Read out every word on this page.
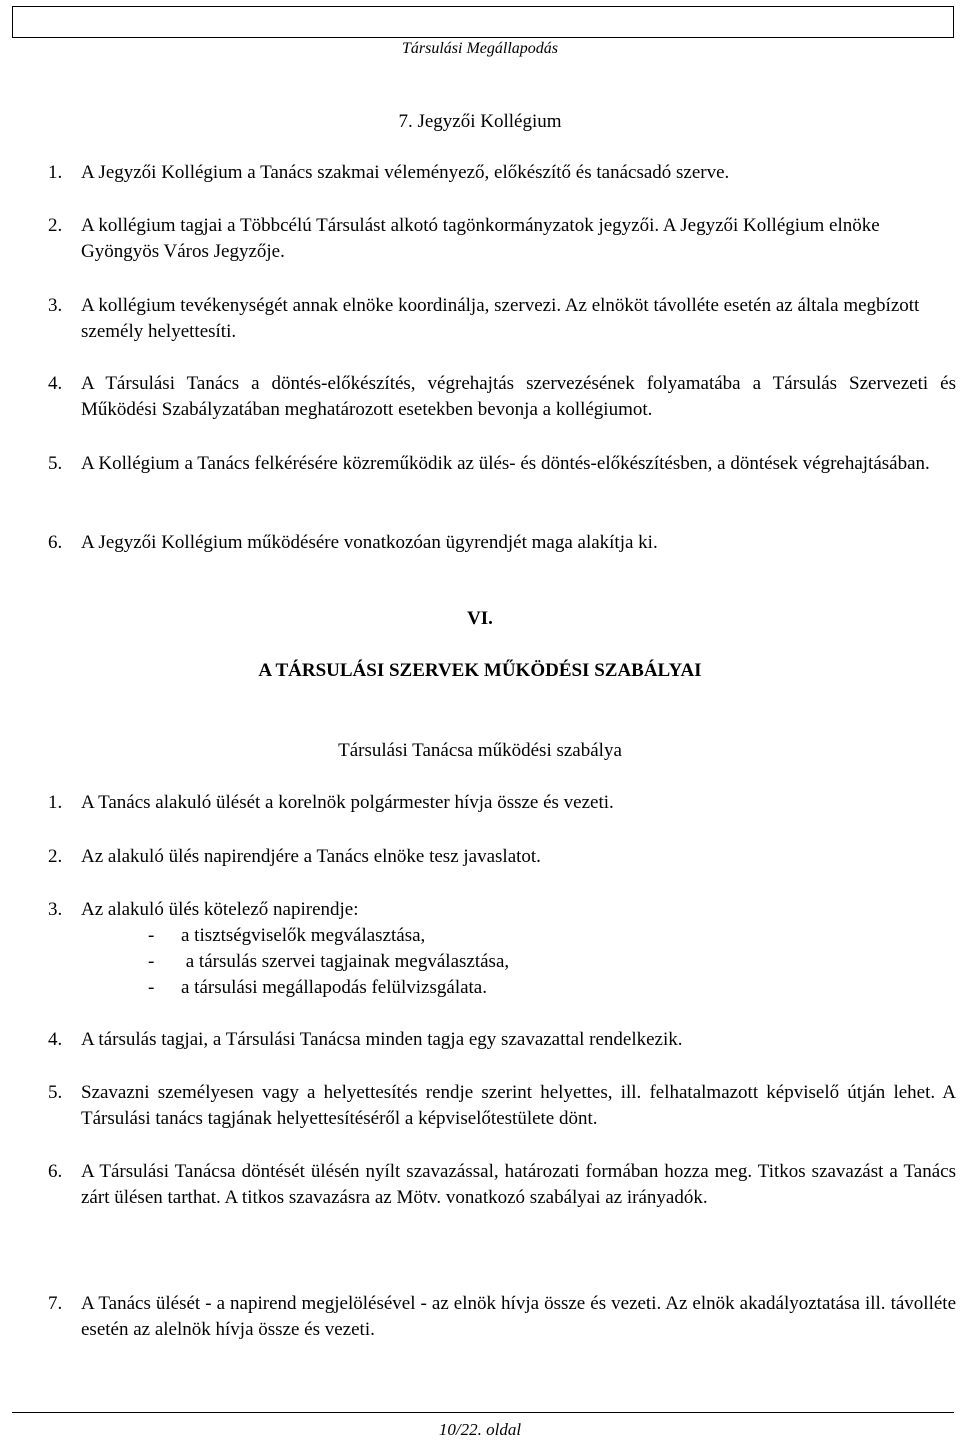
Társulási Megállapodás
7. Jegyzői Kollégium
1. A Jegyzői Kollégium a Tanács szakmai véleményező, előkészítő és tanácsadó szerve.
2. A kollégium tagjai a Többcélú Társulást alkotó tagönkormányzatok jegyzői. A Jegyzői Kollégium elnöke Gyöngyös Város Jegyzője.
3. A kollégium tevékenységét annak elnöke koordinálja, szervezi. Az elnököt távolléte esetén az általa megbízott személy helyettesíti.
4. A Társulási Tanács a döntés-előkészítés, végrehajtás szervezésének folyamatába a Társulás Szervezeti és Működési Szabályzatában meghatározott esetekben bevonja a kollégiumot.
5. A Kollégium a Tanács felkérésére közreműködik az ülés- és döntés-előkészítésben, a döntések végrehajtásában.
6. A Jegyzői Kollégium működésére vonatkozóan ügyrendjét maga alakítja ki.
VI.
A TÁRSULÁSI SZERVEK MŰKÖDÉSI SZABÁLYAI
Társulási Tanácsa működési szabálya
1. A Tanács alakuló ülését a korelnök polgármester hívja össze és vezeti.
2. Az alakuló ülés napirendjére a Tanács elnöke tesz javaslatot.
3. Az alakuló ülés kötelező napirendje:
- a tisztségviselők megválasztása,
- a társulás szervei tagjainak megválasztása,
- a társulási megállapodás felülvizsgálata.
4. A társulás tagjai, a Társulási Tanácsa minden tagja egy szavazattal rendelkezik.
5. Szavazni személyesen vagy a helyettesítés rendje szerint helyettes, ill. felhatalmazott képviselő útján lehet. A Társulási tanács tagjának helyettesítéséről a képviselőtestülete dönt.
6. A Társulási Tanácsa döntését ülésén nyílt szavazással, határozati formában hozza meg. Titkos szavazást a Tanács zárt ülésen tarthat. A titkos szavazásra az Mötv. vonatkozó szabályai az irányadók.
7. A Tanács ülését - a napirend megjelölésével - az elnök hívja össze és vezeti. Az elnök akadályoztatása ill. távolléte esetén az alelnök hívja össze és vezeti.
10/22. oldal
